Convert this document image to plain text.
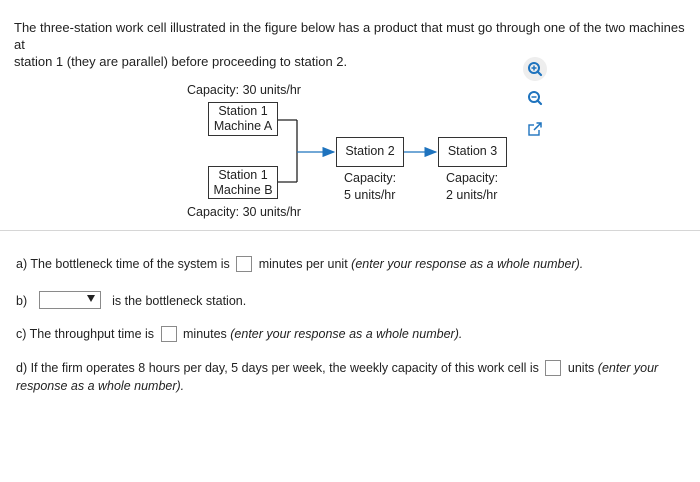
The three-station work cell illustrated in the figure below has a product that must go through one of the two machines at
station 1 (they are parallel) before proceeding to station 2.
Capacity: 30 units/hr
Station 1
Machine A
Station 1
Machine B
Capacity: 30 units/hr
Station 2
Capacity:
5 units/hr
Station 3
Capacity:
2 units/hr
a) The bottleneck time of the system is minutes per unit (enter your response as a whole number).
b)	is the bottleneck station.
c) The throughput time is minutes (enter your response as a whole number).
d) If the firm operates 8 hours per day, 5 days per week, the weekly capacity of this work cell is units (enter your
response as a whole number).
